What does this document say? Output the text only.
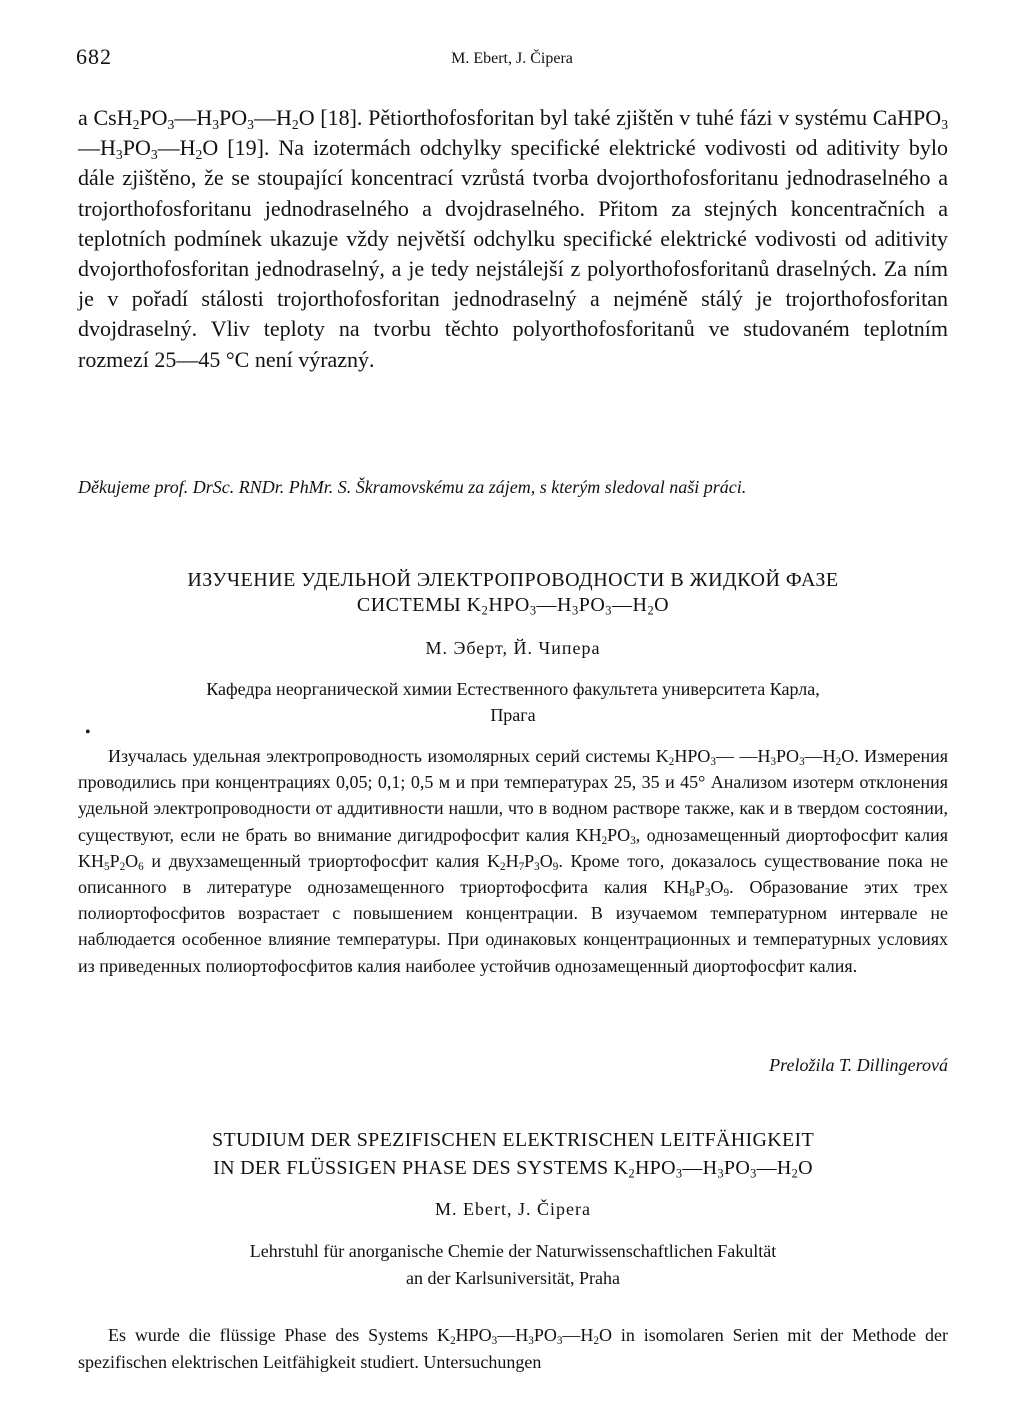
682	M. Ebert, J. Čipera
a $CsH_2PO_3—H_3PO_3—H_2O$ [18]. Pětiorthofosforitan byl také zjištěn v tuhé fázi v systému $CaHPO_3—H_3PO_3—H_2O$ [19]. Na izotermách odchylky specifické elektrické vodivosti od aditivity bylo dále zjištěno, že se stoupající koncentrací vzrůstá tvorba dvojorthofosforitanu jednodraselného a trojorthofosforitanu jednodraselného a dvojdraselného. Přitom za stejných koncentračních a teplotních podmínek ukazuje vždy největší odchylku specifické elektrické vodivosti od aditivity dvojorthofosforitan jednodraselný, a je tedy nejstálejší z polyorthofosforitanů draselných. Za ním je v pořadí stálosti trojorthofosforitan jednodraselný a nejméně stálý je trojorthofosforitan dvojdraselný. Vliv teploty na tvorbu těchto polyorthofosforitanů ve studovaném teplotním rozmezí 25—45 °C není výrazný.
Děkujeme prof. DrSc. RNDr. PhMr. S. Škramovskému za zájem, s kterým sledoval naši práci.
ИЗУЧЕНИЕ УДЕЛЬНОЙ ЭЛЕКТРОПРОВОДНОСТИ В ЖИДКОЙ ФАЗЕ
СИСТЕМЫ $K_2HPO_3—H_3PO_3—H_2O$
М. Эберт, Й. Чипера
Кафедра неорганической химии Естественного факультета университета Карла,
Прага
•
Изучалась удельная электропроводность изомолярных серий системы $K_2HPO_3—$ $—H_3PO_3—H_2O$. Измерения проводились при концентрациях 0,05; 0,1; 0,5 м и при температурах 25, 35 и 45° Анализом изотерм отклонения удельной электропроводности от аддитивности нашли, что в водном растворе также, как и в твердом состоянии, существуют, если не брать во внимание дигидрофосфит калия $KH_2PO_3$, однозамещенный диортофосфит калия $KH_5P_2O_6$ и двухзамещенный триортофосфит калия $K_2H_7P_3O_9$. Кроме того, доказалось существование пока не описанного в литературе однозамещенного триортофосфита калия $KH_8P_3O_9$. Образование этих трех полиортофосфитов возрастает с повышением концентрации. В изучаемом температурном интервале не наблюдается особенное влияние температуры. При одинаковых концентрационных и температурных условиях из приведенных полиортофосфитов калия наиболее устойчив однозамещенный диортофосфит калия.
Preložila T. Dillingerová
STUDIUM DER SPEZIFISCHEN ELEKTRISCHEN LEITFÄHIGKEIT
IN DER FLÜSSIGEN PHASE DES SYSTEMS $K_2HPO_3—H_3PO_3—H_2O$
M. Ebert, J. Čipera
Lehrstuhl für anorganische Chemie der Naturwissenschaftlichen Fakultät
an der Karlsuniversität, Praha
Es wurde die flüssige Phase des Systems $K_2HPO_3—H_3PO_3—H_2O$ in isomolaren Serien mit der Methode der spezifischen elektrischen Leitfähigkeit studiert. Untersuchungen
